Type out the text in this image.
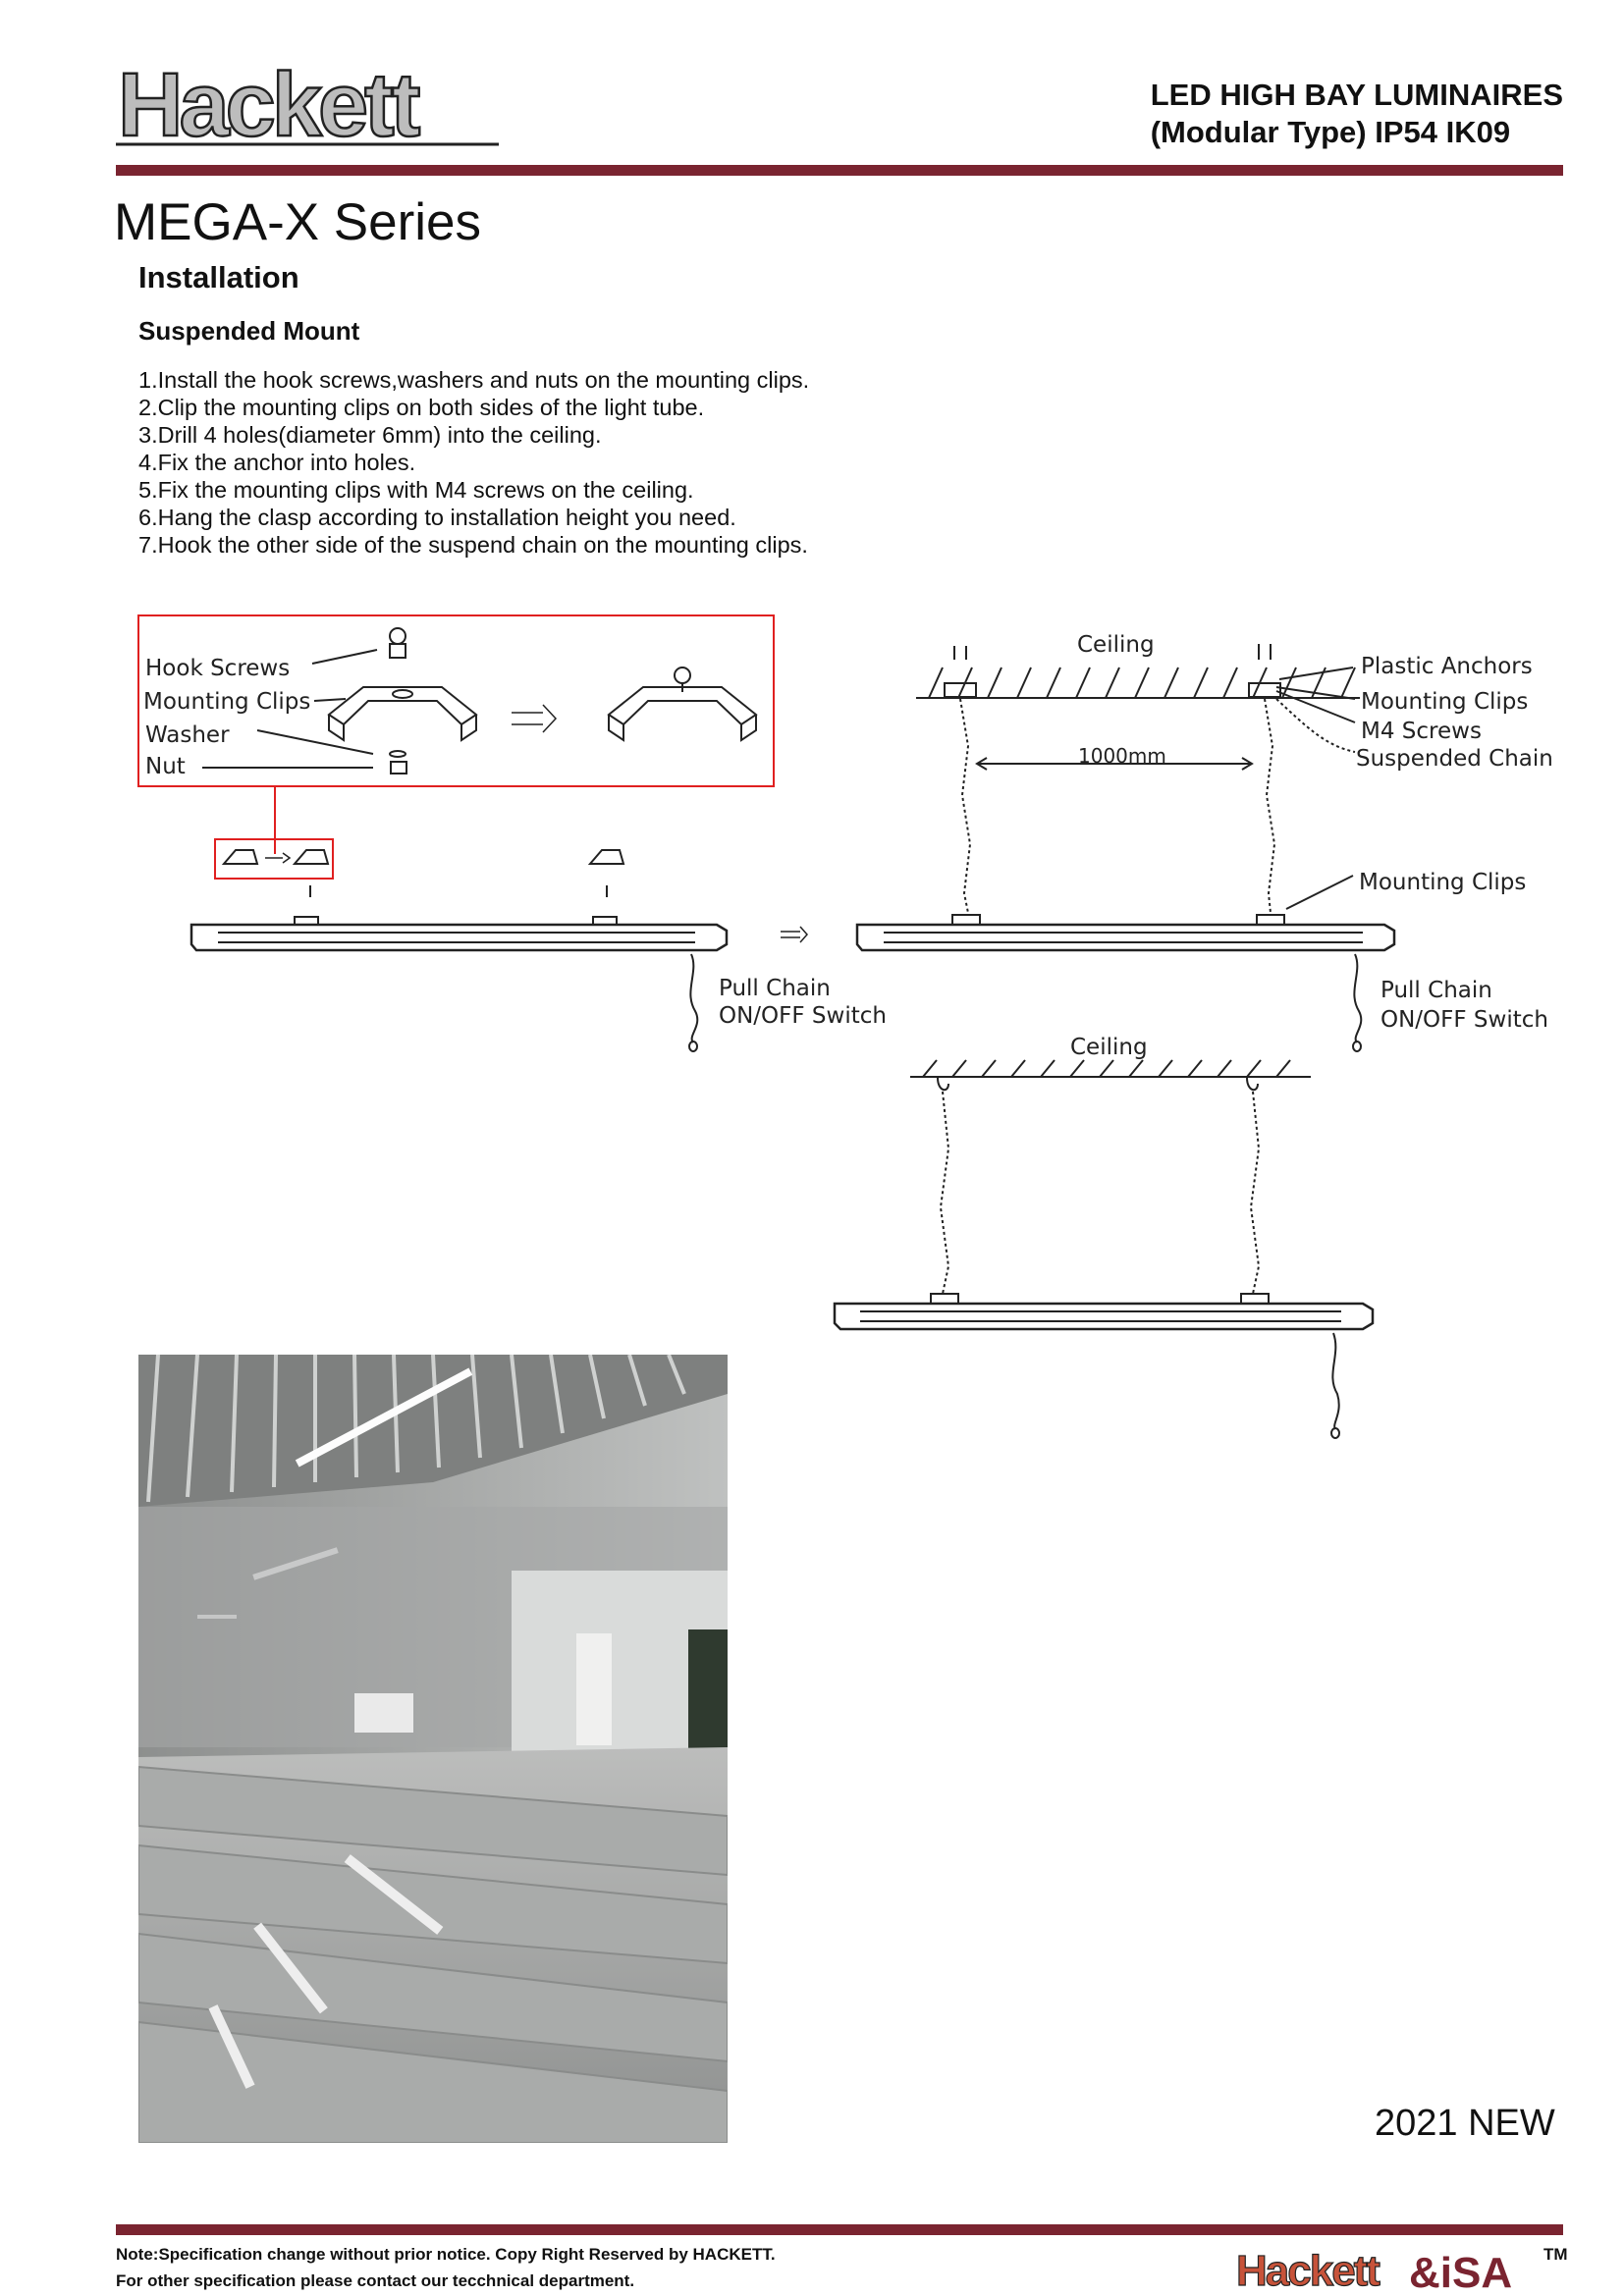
Hackett	LED HIGH BAY LUMINAIRES
(Modular Type) IP54 IK09
MEGA-X Series
Installation
Suspended Mount
1.Install the hook screws,washers and nuts on the mounting clips.
2.Clip the mounting clips on both sides of the light tube.
3.Drill 4 holes(diameter 6mm) into the ceiling.
4.Fix the anchor into holes.
5.Fix the mounting clips with M4 screws on the ceiling.
6.Hang the clasp according to installation height you need.
7.Hook the other side of the suspend chain on the mounting clips.
Hook Screws
Mounting Clips
Washer
Nut
Pull Chain
ON/OFF Switch
Ceiling
Plastic Anchors
Mounting Clips
M4 Screws
Suspended Chain
1000mm
Mounting Clips
Pull Chain
ON/OFF Switch
Ceiling
2021 NEW
Note:Specification change without prior notice. Copy Right Reserved by HACKETT.
For other specification please contact our tecchnical department.	Hackett &iSA TM
